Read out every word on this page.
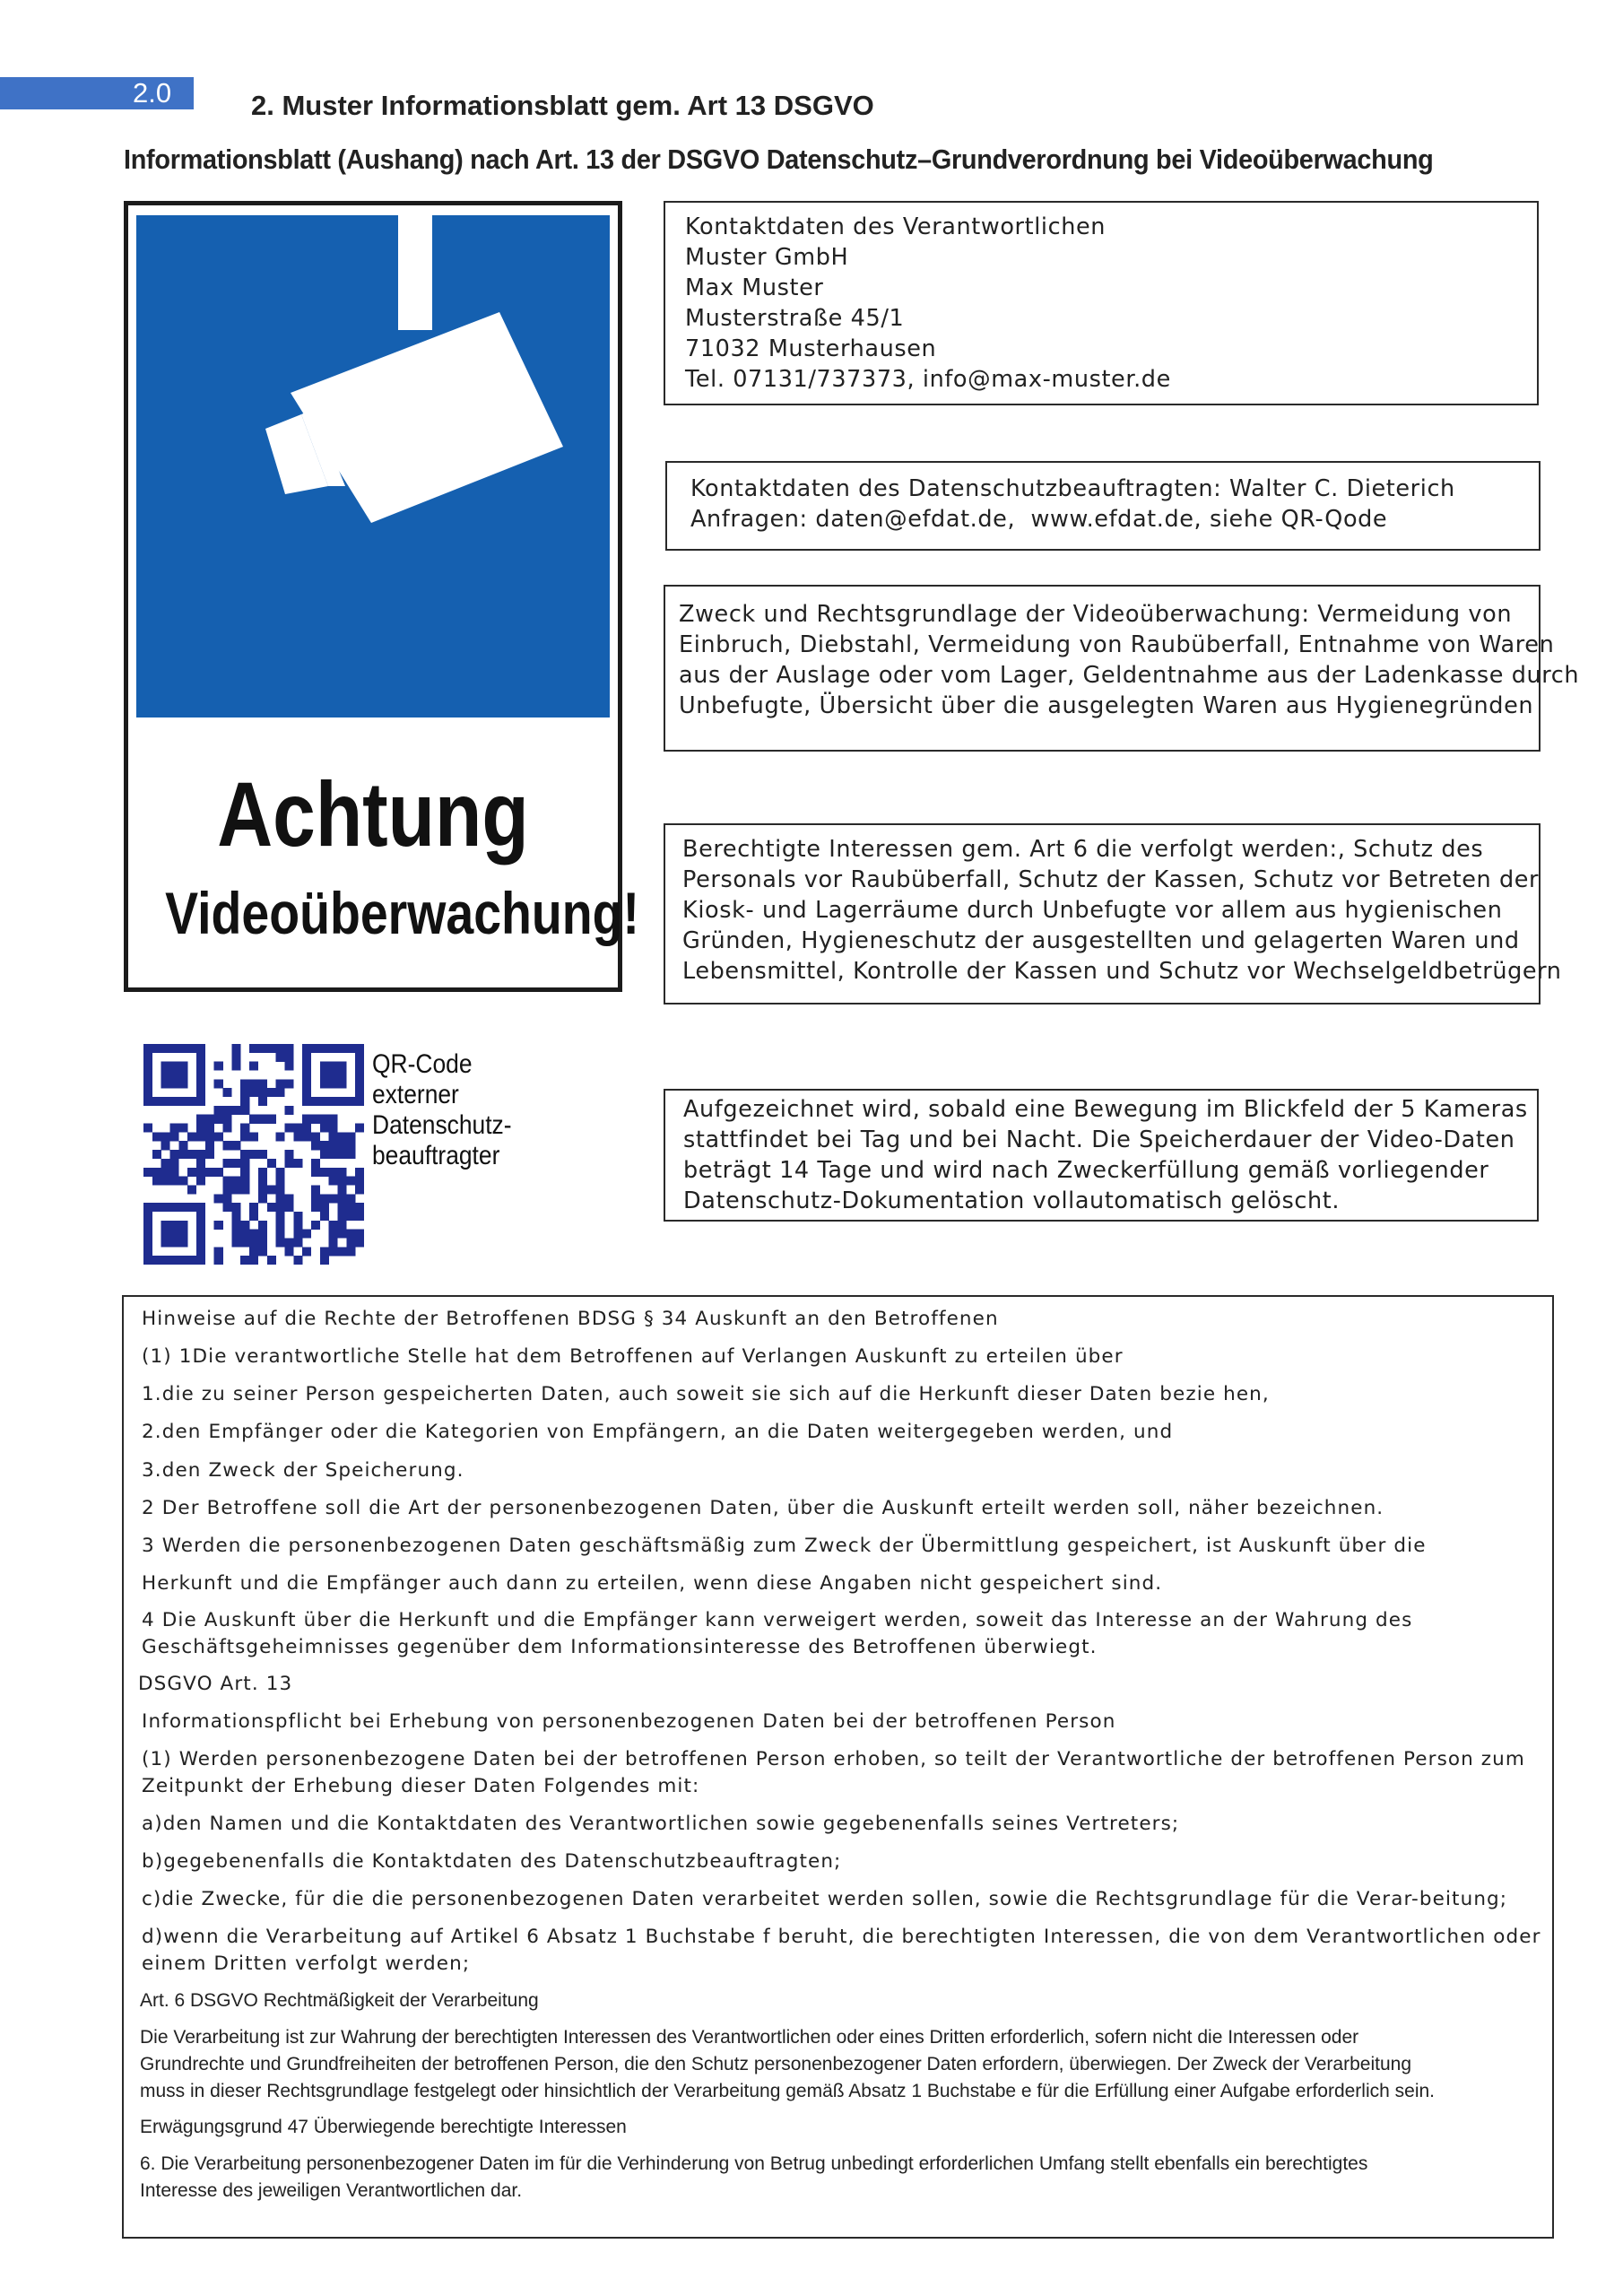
2.0	2. Muster Informationsblatt gem. Art 13 DSGVO
Informationsblatt (Aushang) nach Art. 13 der DSGVO Datenschutz–Grundverordnung bei Videoüberwachung
Achtung
Videoüberwachung!

Kontaktdaten des Verantwortlichen

Muster GmbH

Max Muster

Musterstraße 45/1

71032 Musterhausen

Tel. 07131/737373, info@max-muster.de

Kontaktdaten des Datenschutzbeauftragten: Walter C. Dieterich

Anfragen: daten@efdat.de,  www.efdat.de, siehe QR-Qode

Zweck und Rechtsgrundlage der Videoüberwachung: Vermeidung von

Einbruch, Diebstahl, Vermeidung von Raubüberfall, Entnahme von Waren

aus der Auslage oder vom Lager, Geldentnahme aus der Ladenkasse durch

Unbefugte, Übersicht über die ausgelegten Waren aus Hygienegründen

Berechtigte Interessen gem. Art 6 die verfolgt werden:, Schutz des

Personals vor Raubüberfall, Schutz der Kassen, Schutz vor Betreten der

Kiosk- und Lagerräume durch Unbefugte vor allem aus hygienischen

Gründen, Hygieneschutz der ausgestellten und gelagerten Waren und

Lebensmittel, Kontrolle der Kassen und Schutz vor Wechselgeldbetrügern

QR-Code
externer
Datenschutz-
beauftragter

Aufgezeichnet wird, sobald eine Bewegung im Blickfeld der 5 Kameras

stattfindet bei Tag und bei Nacht. Die Speicherdauer der Video-Daten

beträgt 14 Tage und wird nach Zweckerfüllung gemäß vorliegender

Datenschutz-Dokumentation vollautomatisch gelöscht.

Hinweise auf die Rechte der Betroffenen BDSG § 34 Auskunft an den Betroffenen
(1) 1Die verantwortliche Stelle hat dem Betroffenen auf Verlangen Auskunft zu erteilen über
1.die zu seiner Person gespeicherten Daten, auch soweit sie sich auf die Herkunft dieser Daten bezie hen,
2.den Empfänger oder die Kategorien von Empfängern, an die Daten weitergegeben werden, und
3.den Zweck der Speicherung.
2 Der Betroffene soll die Art der personenbezogenen Daten, über die Auskunft erteilt werden soll, näher bezeichnen.
3 Werden die personenbezogenen Daten geschäftsmäßig zum Zweck der Übermittlung gespeichert, ist Auskunft über die
Herkunft und die Empfänger auch dann zu erteilen, wenn diese Angaben nicht gespeichert sind.
4 Die Auskunft über die Herkunft und die Empfänger kann verweigert werden, soweit das Interesse an der Wahrung des
Geschäftsgeheimnisses gegenüber dem Informationsinteresse des Betroffenen überwiegt.
DSGVO Art. 13
Informationspflicht bei Erhebung von personenbezogenen Daten bei der betroffenen Person
(1) Werden personenbezogene Daten bei der betroffenen Person erhoben, so teilt der Verantwortliche der betroffenen Person zum
Zeitpunkt der Erhebung dieser Daten Folgendes mit:
a)den Namen und die Kontaktdaten des Verantwortlichen sowie gegebenenfalls seines Vertreters;
b)gegebenenfalls die Kontaktdaten des Datenschutzbeauftragten;
c)die Zwecke, für die die personenbezogenen Daten verarbeitet werden sollen, sowie die Rechtsgrundlage für die Verar-beitung;
d)wenn die Verarbeitung auf Artikel 6 Absatz 1 Buchstabe f beruht, die berechtigten Interessen, die von dem Verantwortlichen oder
einem Dritten verfolgt werden;
Art. 6 DSGVO Rechtmäßigkeit der Verarbeitung
Die Verarbeitung ist zur Wahrung der berechtigten Interessen des Verantwortlichen oder eines Dritten erforderlich, sofern nicht die Interessen oder
Grundrechte und Grundfreiheiten der betroffenen Person, die den Schutz personenbezogener Daten erfordern, überwiegen. Der Zweck der Verarbeitung
muss in dieser Rechtsgrundlage festgelegt oder hinsichtlich der Verarbeitung gemäß Absatz 1 Buchstabe e für die Erfüllung einer Aufgabe erforderlich sein.
Erwägungsgrund 47 Überwiegende berechtigte Interessen
6. Die Verarbeitung personenbezogener Daten im für die Verhinderung von Betrug unbedingt erforderlichen Umfang stellt ebenfalls ein berechtigtes
Interesse des jeweiligen Verantwortlichen dar.
